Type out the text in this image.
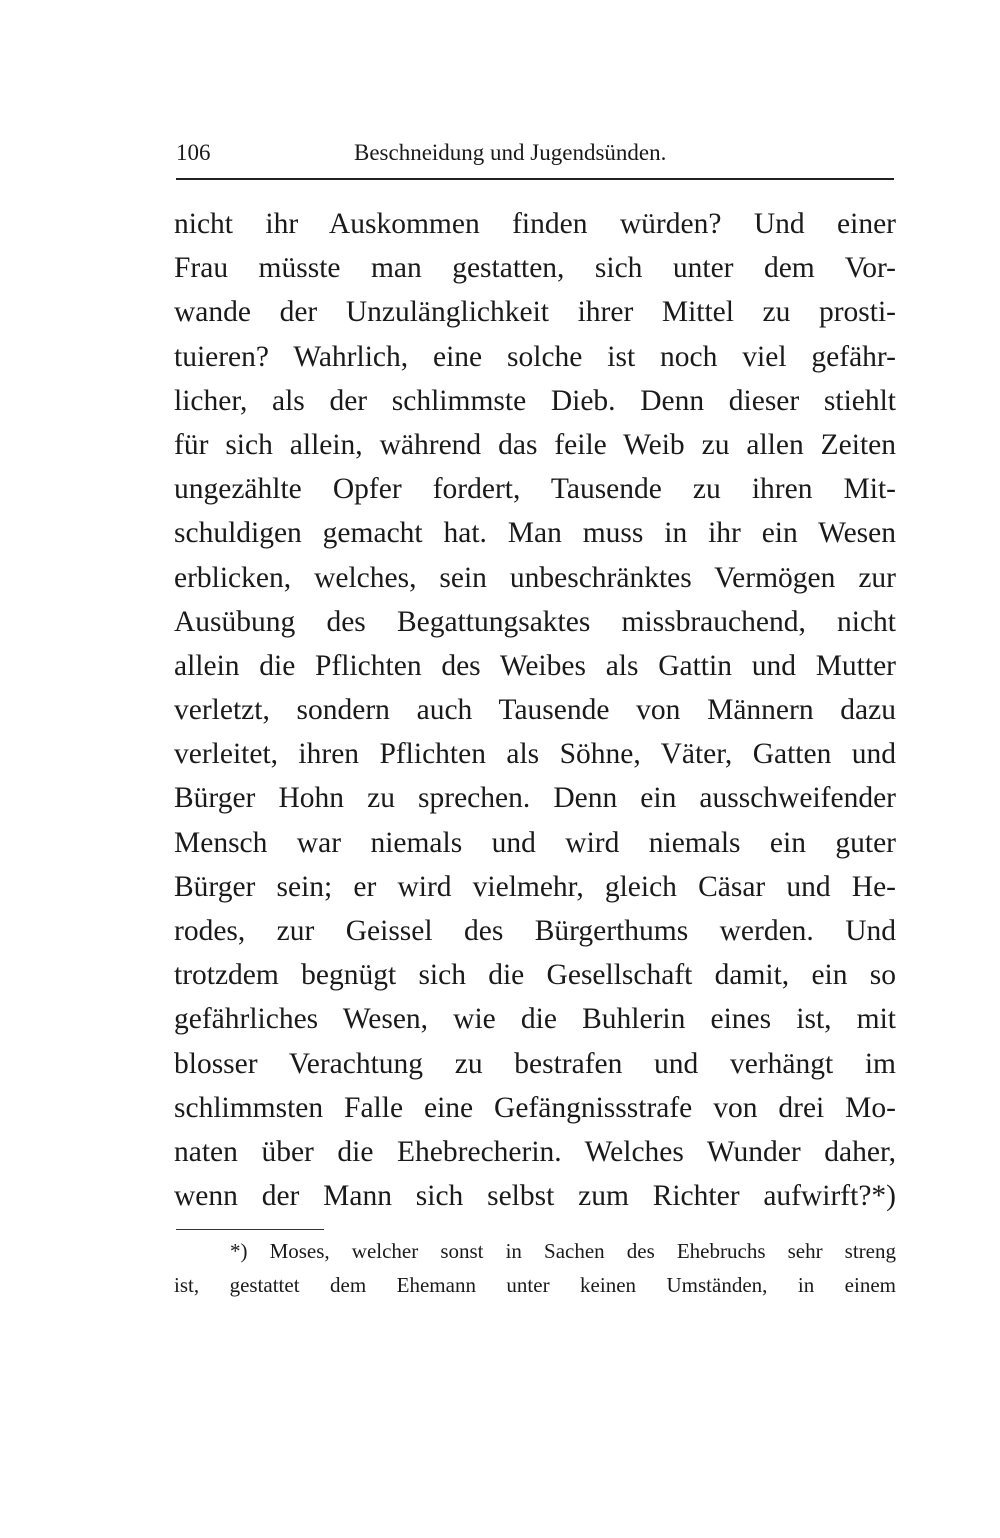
106	Beschneidung und Jugendsünden.
nicht ihr Auskommen finden würden? Und einer
Frau müsste man gestatten, sich unter dem Vor-
wande der Unzulänglichkeit ihrer Mittel zu prosti-
tuieren? Wahrlich, eine solche ist noch viel gefähr-
licher, als der schlimmste Dieb. Denn dieser stiehlt
für sich allein, während das feile Weib zu allen Zeiten
ungezählte Opfer fordert, Tausende zu ihren Mit-
schuldigen gemacht hat. Man muss in ihr ein Wesen
erblicken, welches, sein unbeschränktes Vermögen zur
Ausübung des Begattungsaktes missbrauchend, nicht
allein die Pflichten des Weibes als Gattin und Mutter
verletzt, sondern auch Tausende von Männern dazu
verleitet, ihren Pflichten als Söhne, Väter, Gatten und
Bürger Hohn zu sprechen. Denn ein ausschweifender
Mensch war niemals und wird niemals ein guter
Bürger sein; er wird vielmehr, gleich Cäsar und He-
rodes, zur Geissel des Bürgerthums werden. Und
trotzdem begnügt sich die Gesellschaft damit, ein so
gefährliches Wesen, wie die Buhlerin eines ist, mit
blosser Verachtung zu bestrafen und verhängt im
schlimmsten Falle eine Gefängnissstrafe von drei Mo-
naten über die Ehebrecherin. Welches Wunder daher,
wenn der Mann sich selbst zum Richter aufwirft?*)
*) Moses, welcher sonst in Sachen des Ehebruchs sehr streng
ist, gestattet dem Ehemann unter keinen Umständen, in einem
